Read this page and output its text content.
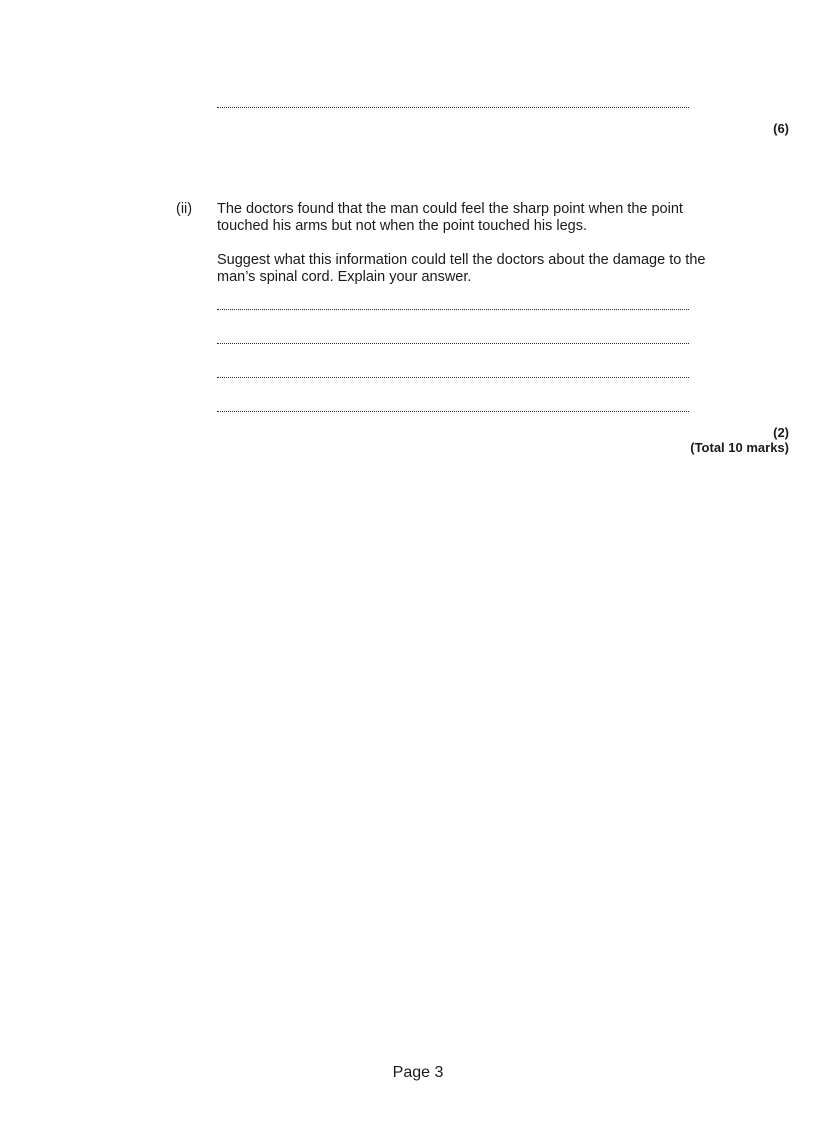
(6)
(ii) The doctors found that the man could feel the sharp point when the point
touched his arms but not when the point touched his legs.
Suggest what this information could tell the doctors about the damage to the
man’s spinal cord. Explain your answer.
(2)
(Total 10 marks)
Page 3
